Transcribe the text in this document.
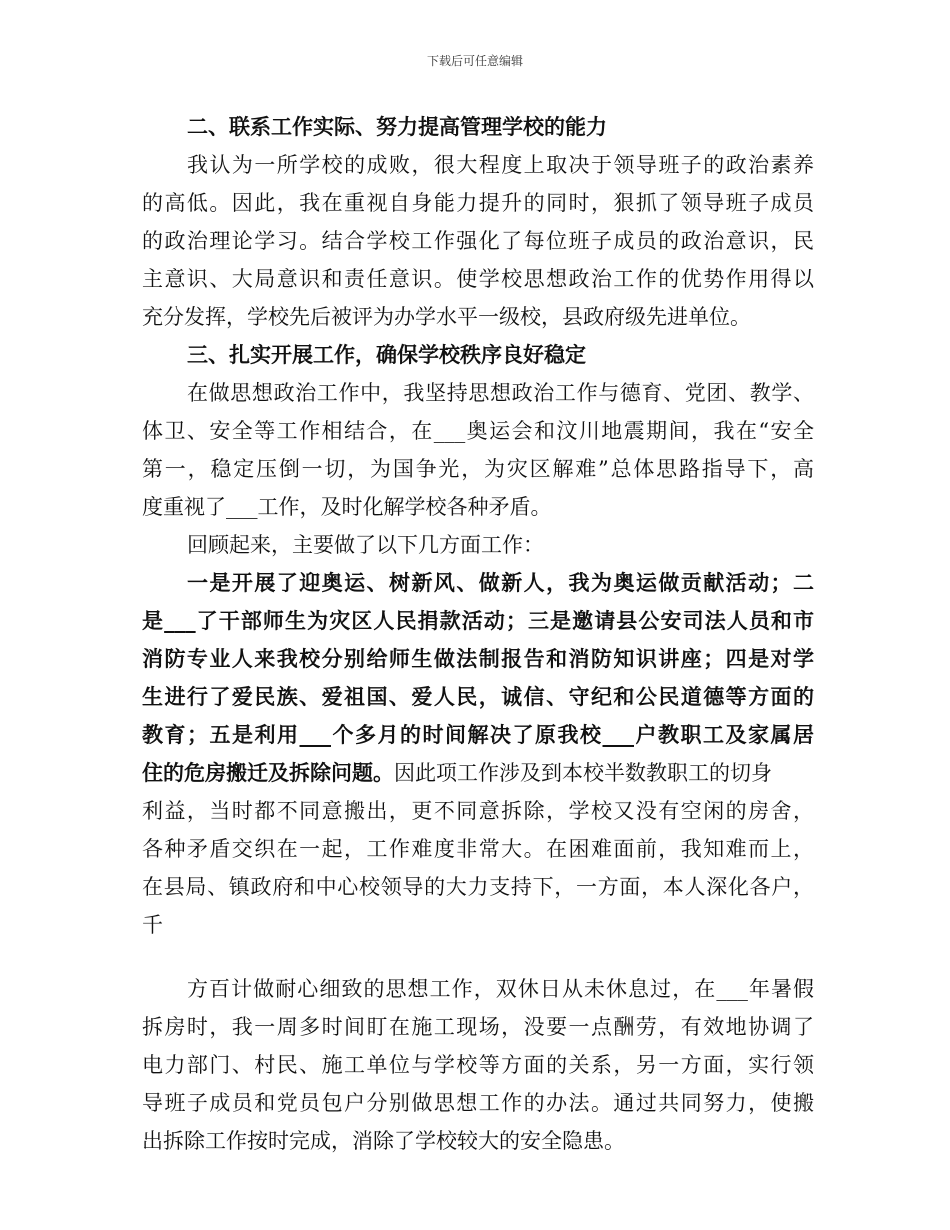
下载后可任意编辑
二、联系工作实际、努力提高管理学校的能力
我认为一所学校的成败，很大程度上取决于领导班子的政治素养
的高低。因此，我在重视自身能力提升的同时，狠抓了领导班子成员
的政治理论学习。结合学校工作强化了每位班子成员的政治意识，民
主意识、大局意识和责任意识。使学校思想政治工作的优势作用得以
充分发挥，学校先后被评为办学水平一级校，县政府级先进单位。
三、扎实开展工作，确保学校秩序良好稳定
在做思想政治工作中，我坚持思想政治工作与德育、党团、教学、
体卫、安全等工作相结合，在___奥运会和汶川地震期间，我在“安全
第一，稳定压倒一切，为国争光，为灾区解难”总体思路指导下，高
度重视了___工作，及时化解学校各种矛盾。
回顾起来，主要做了以下几方面工作：
一是开展了迎奥运、树新风、做新人，我为奥运做贡献活动；二
是___了干部师生为灾区人民捐款活动；三是邀请县公安司法人员和市
消防专业人来我校分别给师生做法制报告和消防知识讲座；四是对学
生进行了爱民族、爱祖国、爱人民，诚信、守纪和公民道德等方面的
教育；五是利用___个多月的时间解决了原我校___户教职工及家属居
住的危房搬迁及拆除问题。因此项工作涉及到本校半数教职工的切身
利益，当时都不同意搬出，更不同意拆除，学校又没有空闲的房舍，
各种矛盾交织在一起，工作难度非常大。在困难面前，我知难而上，
在县局、镇政府和中心校领导的大力支持下，一方面，本人深化各户，
千
方百计做耐心细致的思想工作，双休日从未休息过，在___年暑假
拆房时，我一周多时间盯在施工现场，没要一点酬劳，有效地协调了
电力部门、村民、施工单位与学校等方面的关系，另一方面，实行领
导班子成员和党员包户分别做思想工作的办法。通过共同努力，使搬
出拆除工作按时完成，消除了学校较大的安全隐患。
